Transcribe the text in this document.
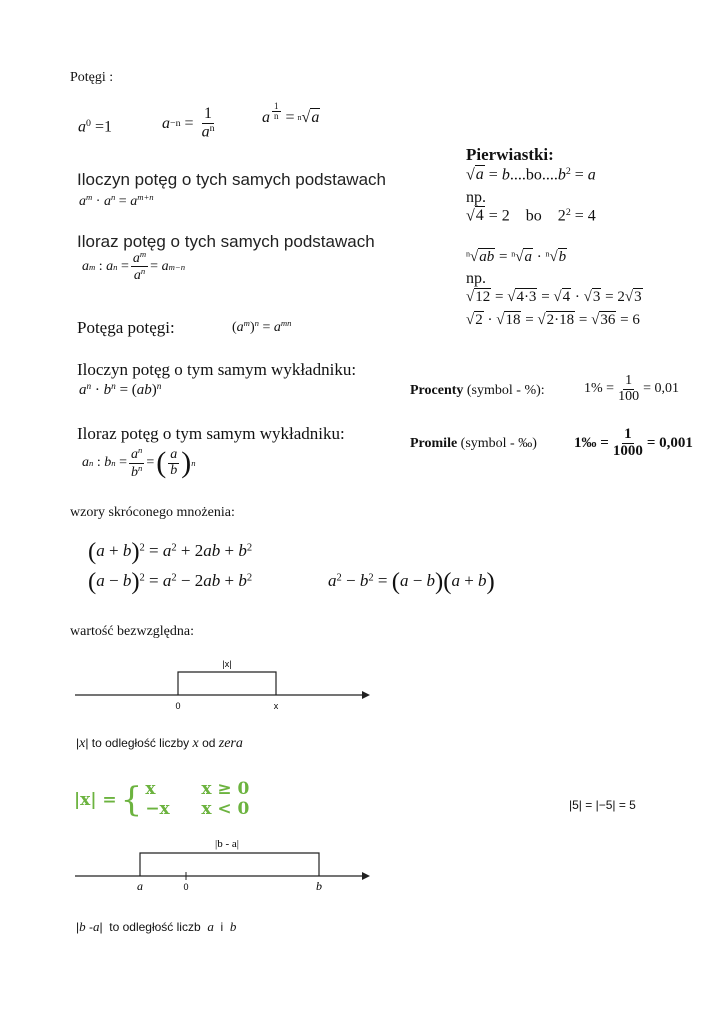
Potęgi :
$a^0 =1$	$a -n = \frac{1}{a^n}$	a $\frac{1}{n} = n$ √ a
Iloczyn potęg o tych samych podstawach
$a^m \cdot a^n = a^{m+n}$
Iloraz potęg o tych samych podstawach
a m : a $n = \frac{a^m}{a^n} = a$ m−n
Potęga potęgi:	$(a^m)^n = a^{mn}$
Iloczyn potęg o tym samym wykładniku:
$a^n \cdot b^n = (ab)^n$
Iloraz potęg o tym samym wykładniku:
a n : b $n = \frac{a^n}{b^n}$ = ( $\frac{a}{b}$ ) n
Pierwiastki:
$√a = b....bo....b^2 = a$
np.
√4 = 2    bo    $2^2 = 4$
$^n$√ab = $^n$√a · $^n$√b
np.
√12 = √4·3 = √4 · √3 = 2√3
√2 · √18 = √2·18 = √36 = 6
Procenty (symbol - %):	$1\% = \frac{1}{100} = 0,01$
Promile (symbol - ‰) 1‰ = $\frac{1}{1000} = 0,001$
wzory skróconego mnożenia:
$(a + b)^2 = a^2 + 2ab + b^2$
$(a - b)^2 = a^2 - 2ab + b^2$	$a^2 - b^2 = (a - b)(a + b)$
wartość bezwzględna:
|x|
0	x
|x| to odległość liczby x od zera
|x| = { x	x ≥ 0
−x x < 0	|5| = |−5| = 5
|b - a|
a	0	b
|b -a|  to odległość liczb  a  i  b
